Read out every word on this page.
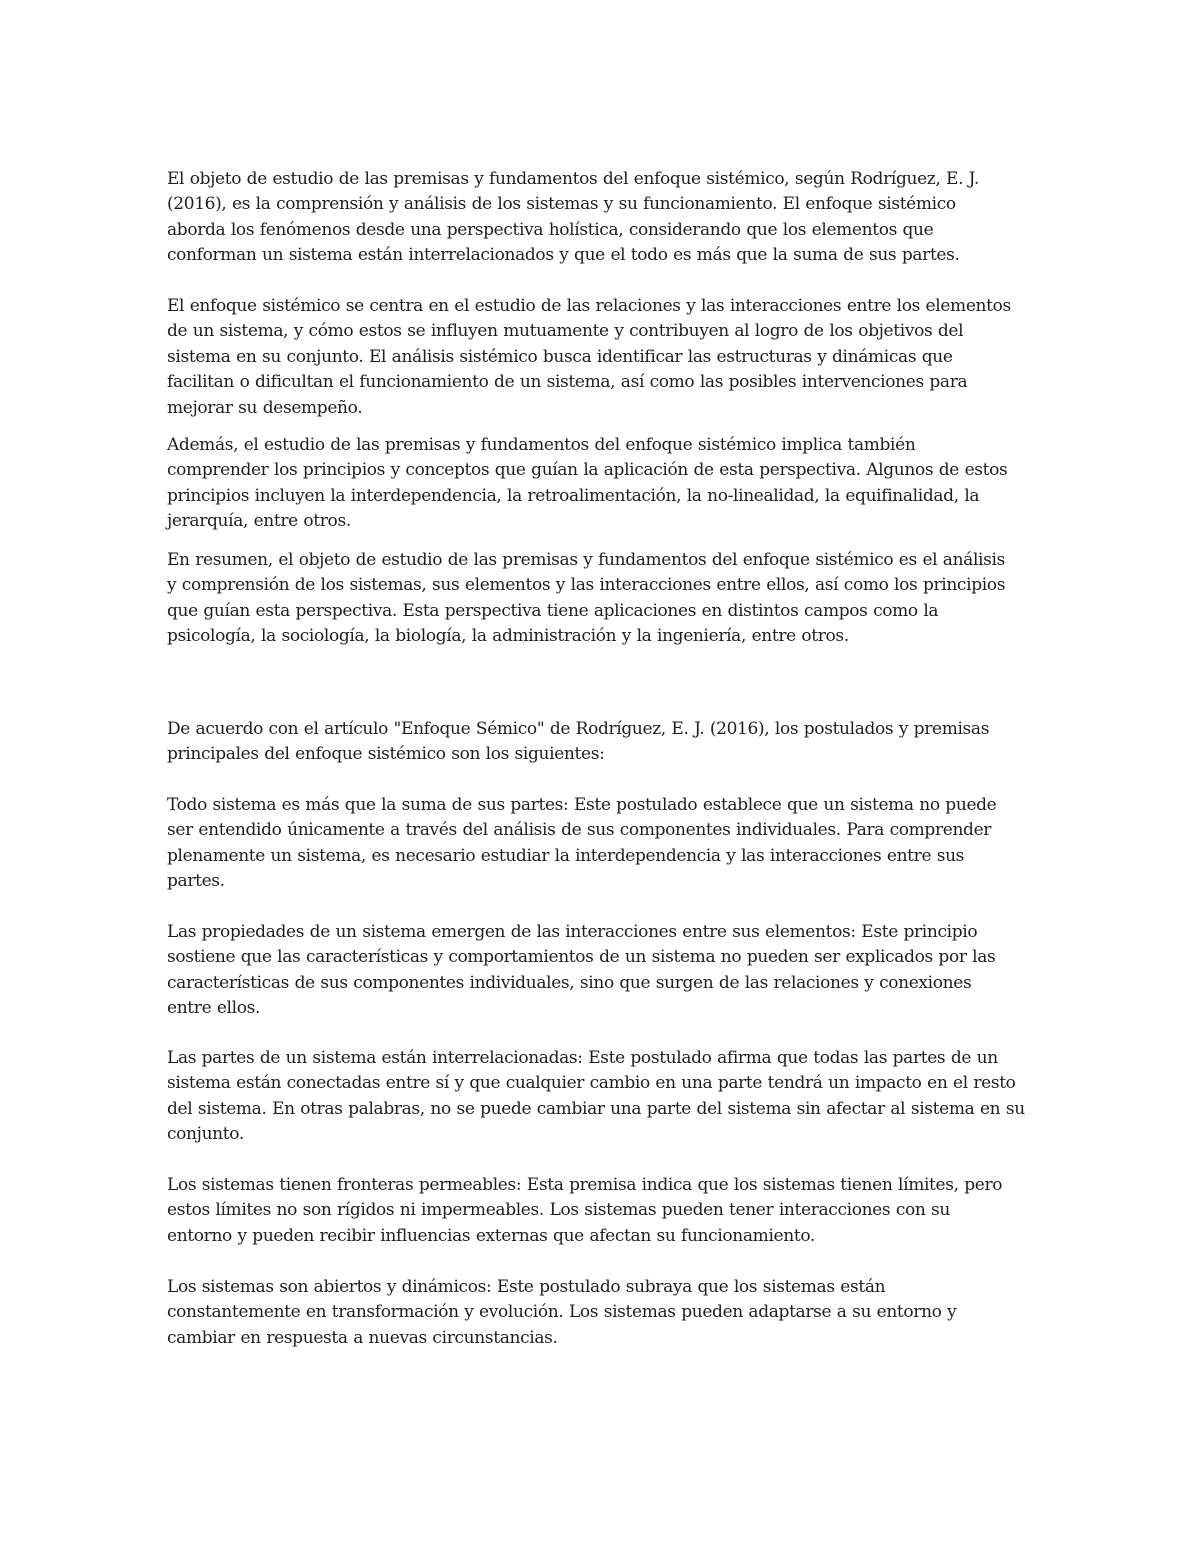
El objeto de estudio de las premisas y fundamentos del enfoque sistémico, según Rodríguez, E. J.
(2016), es la comprensión y análisis de los sistemas y su funcionamiento. El enfoque sistémico
aborda los fenómenos desde una perspectiva holística, considerando que los elementos que
conforman un sistema están interrelacionados y que el todo es más que la suma de sus partes.

El enfoque sistémico se centra en el estudio de las relaciones y las interacciones entre los elementos
de un sistema, y cómo estos se influyen mutuamente y contribuyen al logro de los objetivos del
sistema en su conjunto. El análisis sistémico busca identificar las estructuras y dinámicas que
facilitan o dificultan el funcionamiento de un sistema, así como las posibles intervenciones para
mejorar su desempeño.

Además, el estudio de las premisas y fundamentos del enfoque sistémico implica también
comprender los principios y conceptos que guían la aplicación de esta perspectiva. Algunos de estos
principios incluyen la interdependencia, la retroalimentación, la no-linealidad, la equifinalidad, la
jerarquía, entre otros.

En resumen, el objeto de estudio de las premisas y fundamentos del enfoque sistémico es el análisis
y comprensión de los sistemas, sus elementos y las interacciones entre ellos, así como los principios
que guían esta perspectiva. Esta perspectiva tiene aplicaciones en distintos campos como la
psicología, la sociología, la biología, la administración y la ingeniería, entre otros.

De acuerdo con el artículo "Enfoque Sémico" de Rodríguez, E. J. (2016), los postulados y premisas
principales del enfoque sistémico son los siguientes:

Todo sistema es más que la suma de sus partes: Este postulado establece que un sistema no puede
ser entendido únicamente a través del análisis de sus componentes individuales. Para comprender
plenamente un sistema, es necesario estudiar la interdependencia y las interacciones entre sus
partes.

Las propiedades de un sistema emergen de las interacciones entre sus elementos: Este principio
sostiene que las características y comportamientos de un sistema no pueden ser explicados por las
características de sus componentes individuales, sino que surgen de las relaciones y conexiones
entre ellos.

Las partes de un sistema están interrelacionadas: Este postulado afirma que todas las partes de un
sistema están conectadas entre sí y que cualquier cambio en una parte tendrá un impacto en el resto
del sistema. En otras palabras, no se puede cambiar una parte del sistema sin afectar al sistema en su
conjunto.

Los sistemas tienen fronteras permeables: Esta premisa indica que los sistemas tienen límites, pero
estos límites no son rígidos ni impermeables. Los sistemas pueden tener interacciones con su
entorno y pueden recibir influencias externas que afectan su funcionamiento.

Los sistemas son abiertos y dinámicos: Este postulado subraya que los sistemas están
constantemente en transformación y evolución. Los sistemas pueden adaptarse a su entorno y
cambiar en respuesta a nuevas circunstancias.
